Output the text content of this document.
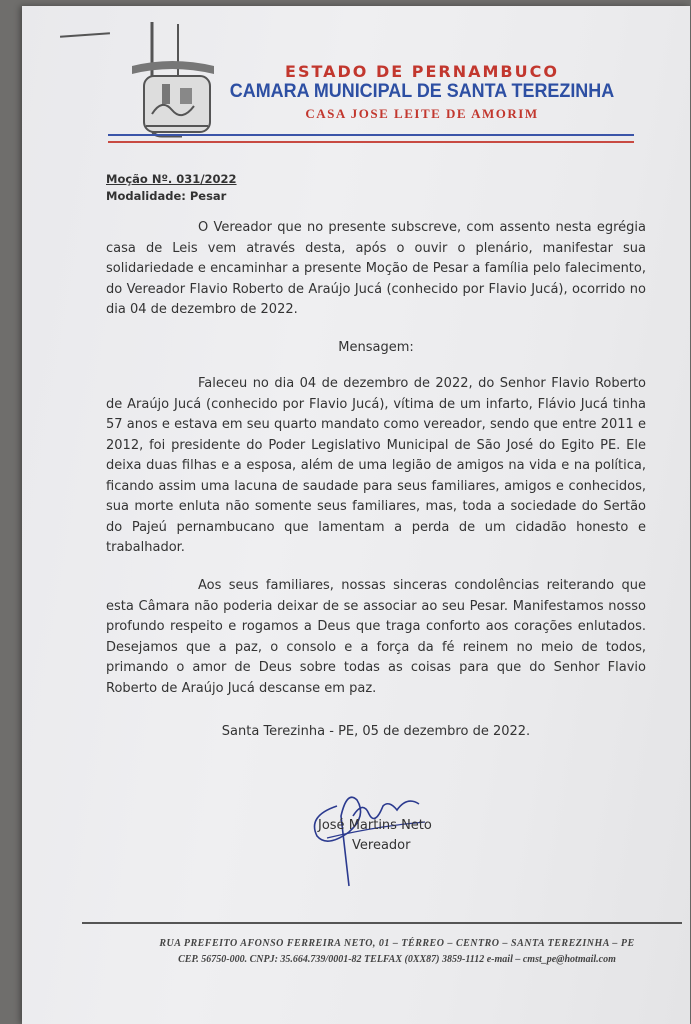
ESTADO DE PERNAMBUCO
CAMARA MUNICIPAL DE SANTA TEREZINHA
CASA JOSE LEITE DE AMORIM
Moção Nº. 031/2022
Modalidade: Pesar

O Vereador que no presente subscreve, com assento nesta egrégia casa de Leis vem através desta, após o ouvir o plenário, manifestar sua solidariedade e encaminhar a presente Moção de Pesar a família pelo falecimento, do Vereador Flavio Roberto de Araújo Jucá (conhecido por Flavio Jucá), ocorrido no dia 04 de dezembro de 2022.

Mensagem:

Faleceu no dia 04 de dezembro de 2022, do Senhor Flavio Roberto de Araújo Jucá (conhecido por Flavio Jucá), vítima de um infarto, Flávio Jucá tinha 57 anos e estava em seu quarto mandato como vereador, sendo que entre 2011 e 2012, foi presidente do Poder Legislativo Municipal de São José do Egito PE. Ele deixa duas filhas e a esposa, além de uma legião de amigos na vida e na política, ficando assim uma lacuna de saudade para seus familiares, amigos e conhecidos, sua morte enluta não somente seus familiares, mas, toda a sociedade do Sertão do Pajeú pernambucano que lamentam a perda de um cidadão honesto e trabalhador.

Aos seus familiares, nossas sinceras condolências reiterando que esta Câmara não poderia deixar de se associar ao seu Pesar. Manifestamos nosso profundo respeito e rogamos a Deus que traga conforto aos corações enlutados. Desejamos que a paz, o consolo e a força da fé reinem no meio de todos, primando o amor de Deus sobre todas as coisas para que do Senhor Flavio Roberto de Araújo Jucá descanse em paz.

Santa Terezinha - PE, 05 de dezembro de 2022.
José Martins Neto
Vereador
RUA PREFEITO AFONSO FERREIRA NETO, 01 – TÉRREO – CENTRO – SANTA TEREZINHA – PE
CEP. 56750-000. CNPJ: 35.664.739/0001-82 TELFAX (0XX87) 3859-1112 e-mail – cmst_pe@hotmail.com
